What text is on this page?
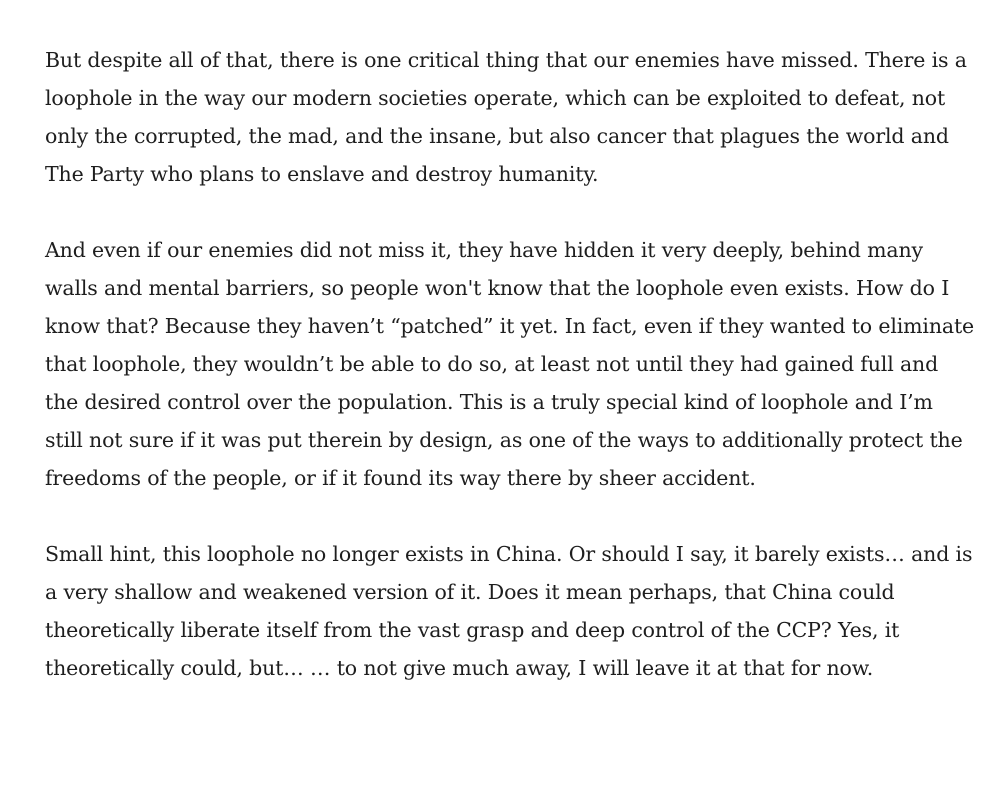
But despite all of that, there is one critical thing that our enemies have missed. There is a loophole in the way our modern societies operate, which can be exploited to defeat, not only the corrupted, the mad, and the insane, but also cancer that plagues the world and The Party who plans to enslave and destroy humanity.

And even if our enemies did not miss it, they have hidden it very deeply, behind many walls and mental barriers, so people won't know that the loophole even exists. How do I know that? Because they haven’t “patched” it yet. In fact, even if they wanted to eliminate that loophole, they wouldn’t be able to do so, at least not until they had gained full and the desired control over the population. This is a truly special kind of loophole and I’m still not sure if it was put therein by design, as one of the ways to additionally protect the freedoms of the people, or if it found its way there by sheer accident.

Small hint, this loophole no longer exists in China. Or should I say, it barely exists… and is a very shallow and weakened version of it. Does it mean perhaps, that China could theoretically liberate itself from the vast grasp and deep control of the CCP? Yes, it theoretically could, but… … to not give much away, I will leave it at that for now.
